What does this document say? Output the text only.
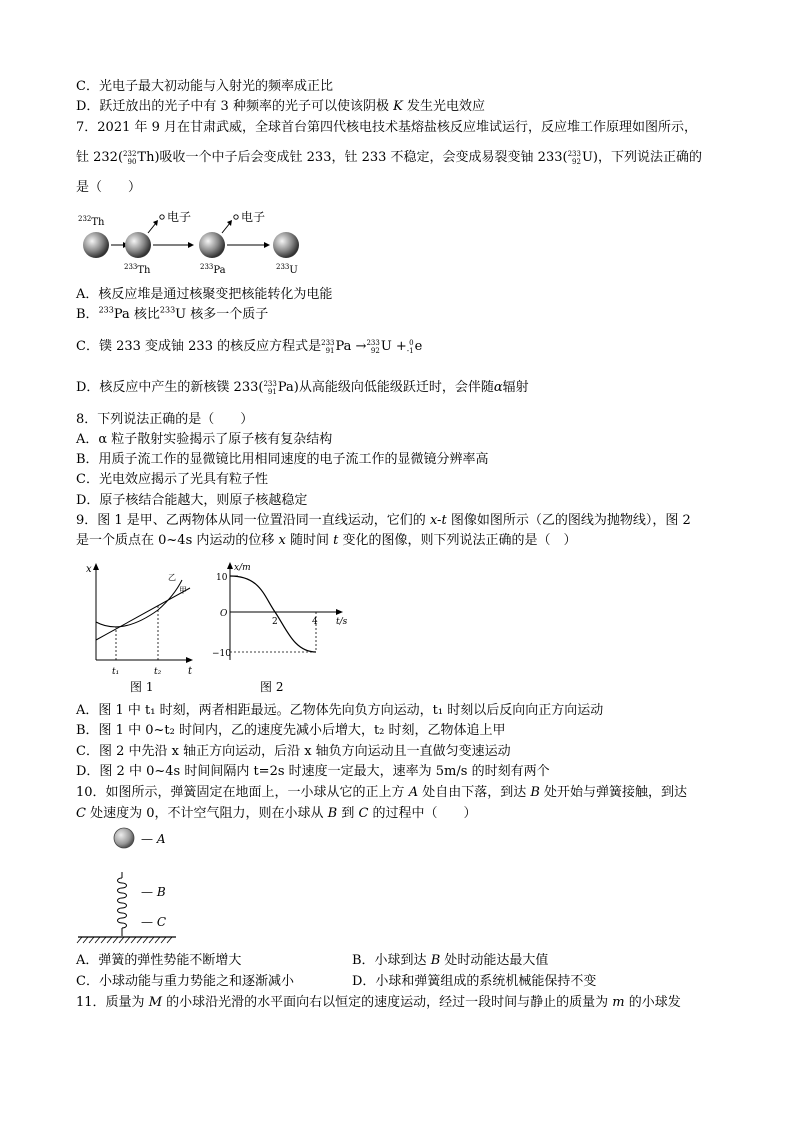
C．光电子最大初动能与入射光的频率成正比
D．跃迁放出的光子中有 3 种频率的光子可以使该阴极 K 发生光电效应
7．2021 年 9 月在甘肃武威，全球首台第四代核电技术基熔盐核反应堆试运行，反应堆工作原理如图所示，
钍 232( 232
90 Th)吸收一个中子后会变成钍 233，钍 233 不稳定，会变成易裂变铀 233( 233
92 U)，下列说法正确的
是（　　）
$^{232}$Th
$^{233}$Th
电子
$^{233}$Pa
电子
$^{233}$U
A．核反应堆是通过核聚变把核能转化为电能
B．$^{233}$Pa 核比$^{233}$U 核多一个质子
C．镤 233 变成铀 233 的核反应方程式是 233
91 Pa → 233
92 U + 0
-1 e
D．核反应中产生的新核镤 233( 233
91 Pa)从高能级向低能级跃迁时，会伴随α辐射
8．下列说法正确的是（　　）
A．α 粒子散射实验揭示了原子核有复杂结构
B．用质子流工作的显微镜比用相同速度的电子流工作的显微镜分辨率高
C．光电效应揭示了光具有粒子性
D．原子核结合能越大，则原子核越稳定
9．图 1 是甲、乙两物体从同一位置沿同一直线运动，它们的 x-t 图像如图所示（乙的图线为抛物线），图 2
是一个质点在 0~4s 内运动的位移 x 随时间 t 变化的图像，则下列说法正确的是（　）
x
t
乙
甲
t₁	t₂
图 1
x/m
t/s
10
O
−10
2	4
图 2
A．图 1 中 t₁ 时刻，两者相距最远。乙物体先向负方向运动，t₁ 时刻以后反向向正方向运动
B．图 1 中 0~t₂ 时间内，乙的速度先减小后增大，t₂ 时刻，乙物体追上甲
C．图 2 中先沿 x 轴正方向运动，后沿 x 轴负方向运动且一直做匀变速运动
D．图 2 中 0~4s 时间间隔内 t=2s 时速度一定最大，速率为 5m/s 的时刻有两个
10．如图所示，弹簧固定在地面上，一小球从它的正上方 A 处自由下落，到达 B 处开始与弹簧接触，到达
C 处速度为 0，不计空气阻力，则在小球从 B 到 C 的过程中（　　）
— A
— B
— C
A．弹簧的弹性势能不断增大	B．小球到达 B 处时动能达最大值
C．小球动能与重力势能之和逐渐减小	D．小球和弹簧组成的系统机械能保持不变
11．质量为 M 的小球沿光滑的水平面向右以恒定的速度运动，经过一段时间与静止的质量为 m 的小球发
